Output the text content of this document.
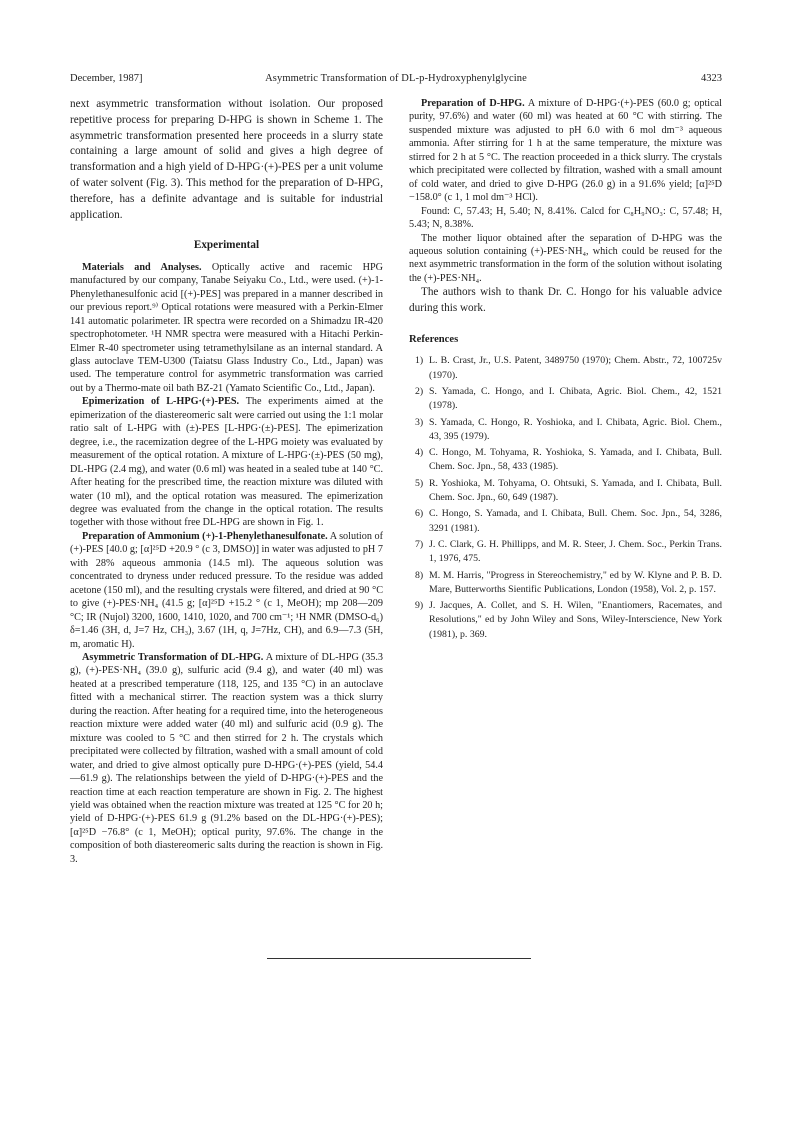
December, 1987]	Asymmetric Transformation of DL-p-Hydroxyphenylglycine	4323

next asymmetric transformation without isolation. Our proposed repetitive process for preparing D-HPG is shown in Scheme 1. The asymmetric transformation presented here proceeds in a slurry state containing a large amount of solid and gives a high degree of transformation and a high yield of D-HPG·(+)-PES per a unit volume of water solvent (Fig. 3). This method for the preparation of D-HPG, therefore, has a definite advantage and is suitable for industrial application.

Experimental

Materials and Analyses. Optically active and racemic HPG manufactured by our company, Tanabe Seiyaku Co., Ltd., were used. (+)-1-Phenylethanesulfonic acid [(+)-PES] was prepared in a manner described in our previous report.⁹⁾ Optical rotations were measured with a Perkin-Elmer 141 automatic polarimeter. IR spectra were recorded on a Shimadzu IR-420 spectrophotometer. ¹H NMR spectra were measured with a Hitachi Perkin-Elmer R-40 spectrometer using tetramethylsilane as an internal standard. A glass autoclave TEM-U300 (Taiatsu Glass Industry Co., Ltd., Japan) was used. The temperature control for asymmetric transformation was carried out by a Thermo-mate oil bath BZ-21 (Yamato Scientific Co., Ltd., Japan).

Epimerization of L-HPG·(+)-PES. The experiments aimed at the epimerization of the diastereomeric salt were carried out using the 1:1 molar ratio salt of L-HPG with (±)-PES [L-HPG·(±)-PES]. The epimerization degree, i.e., the racemization degree of the L-HPG moiety was evaluated by measurement of the optical rotation. A mixture of L-HPG·(±)-PES (50 mg), DL-HPG (2.4 mg), and water (0.6 ml) was heated in a sealed tube at 140 °C. After heating for the prescribed time, the reaction mixture was diluted with water (10 ml), and the optical rotation was measured. The epimerization degree was evaluated from the change in the optical rotation. The results together with those without free DL-HPG are shown in Fig. 1.

Preparation of Ammonium (+)-1-Phenylethanesulfonate. A solution of (+)-PES [40.0 g; [α]²⁵D +20.9 ° (c 3, DMSO)] in water was adjusted to pH 7 with 28% aqueous ammonia (14.5 ml). The aqueous solution was concentrated to dryness under reduced pressure. To the residue was added acetone (150 ml), and the resulting crystals were filtered, and dried at 90 °C to give (+)-PES·NH₄ (41.5 g; [α]²⁵D +15.2 ° (c 1, MeOH); mp 208—209 °C; IR (Nujol) 3200, 1600, 1410, 1020, and 700 cm⁻¹; ¹H NMR (DMSO-d₆) δ=1.46 (3H, d, J=7 Hz, CH₃), 3.67 (1H, q, J=7Hz, CH), and 6.9—7.3 (5H, m, aromatic H).

Asymmetric Transformation of DL-HPG. A mixture of DL-HPG (35.3 g), (+)-PES·NH₄ (39.0 g), sulfuric acid (9.4 g), and water (40 ml) was heated at a prescribed temperature (118, 125, and 135 °C) in an autoclave fitted with a mechanical stirrer. The reaction system was a thick slurry during the reaction. After heating for a required time, into the heterogeneous reaction mixture were added water (40 ml) and sulfuric acid (0.9 g). The mixture was cooled to 5 °C and then stirred for 2 h. The crystals which precipitated were collected by filtration, washed with a small amount of cold water, and dried to give almost optically pure D-HPG·(+)-PES (yield, 54.4—61.9 g). The relationships between the yield of D-HPG·(+)-PES and the reaction time at each reaction temperature are shown in Fig. 2. The highest yield was obtained when the reaction mixture was treated at 125 °C for 20 h; yield of D-HPG·(+)-PES 61.9 g (91.2% based on the DL-HPG·(+)-PES); [α]²⁵D −76.8° (c 1, MeOH); optical purity, 97.6%. The change in the composition of both diastereomeric salts during the reaction is shown in Fig. 3.

Preparation of D-HPG. A mixture of D-HPG·(+)-PES (60.0 g; optical purity, 97.6%) and water (60 ml) was heated at 60 °C with stirring. The suspended mixture was adjusted to pH 6.0 with 6 mol dm⁻³ aqueous ammonia. After stirring for 1 h at the same temperature, the mixture was stirred for 2 h at 5 °C. The reaction proceeded in a thick slurry. The crystals which precipitated were collected by filtration, washed with a small amount of cold water, and dried to give D-HPG (26.0 g) in a 91.6% yield; [α]²⁵D −158.0° (c 1, 1 mol dm⁻³ HCl).

Found: C, 57.43; H, 5.40; N, 8.41%. Calcd for C₈H₉NO₃: C, 57.48; H, 5.43; N, 8.38%.

The mother liquor obtained after the separation of D-HPG was the aqueous solution containing (+)-PES·NH₄, which could be reused for the next asymmetric transformation in the form of the solution without isolating the (+)-PES·NH₄.

The authors wish to thank Dr. C. Hongo for his valuable advice during this work.

References
1) L. B. Crast, Jr., U.S. Patent, 3489750 (1970); Chem. Abstr., 72, 100725v (1970).
2) S. Yamada, C. Hongo, and I. Chibata, Agric. Biol. Chem., 42, 1521 (1978).
3) S. Yamada, C. Hongo, R. Yoshioka, and I. Chibata, Agric. Biol. Chem., 43, 395 (1979).
4) C. Hongo, M. Tohyama, R. Yoshioka, S. Yamada, and I. Chibata, Bull. Chem. Soc. Jpn., 58, 433 (1985).
5) R. Yoshioka, M. Tohyama, O. Ohtsuki, S. Yamada, and I. Chibata, Bull. Chem. Soc. Jpn., 60, 649 (1987).
6) C. Hongo, S. Yamada, and I. Chibata, Bull. Chem. Soc. Jpn., 54, 3286, 3291 (1981).
7) J. C. Clark, G. H. Phillipps, and M. R. Steer, J. Chem. Soc., Perkin Trans. 1, 1976, 475.
8) M. M. Harris, "Progress in Stereochemistry," ed by W. Klyne and P. B. D. Mare, Butterworths Sientific Publications, London (1958), Vol. 2, p. 157.
9) J. Jacques, A. Collet, and S. H. Wilen, "Enantiomers, Racemates, and Resolutions," ed by John Wiley and Sons, Wiley-Interscience, New York (1981), p. 369.
